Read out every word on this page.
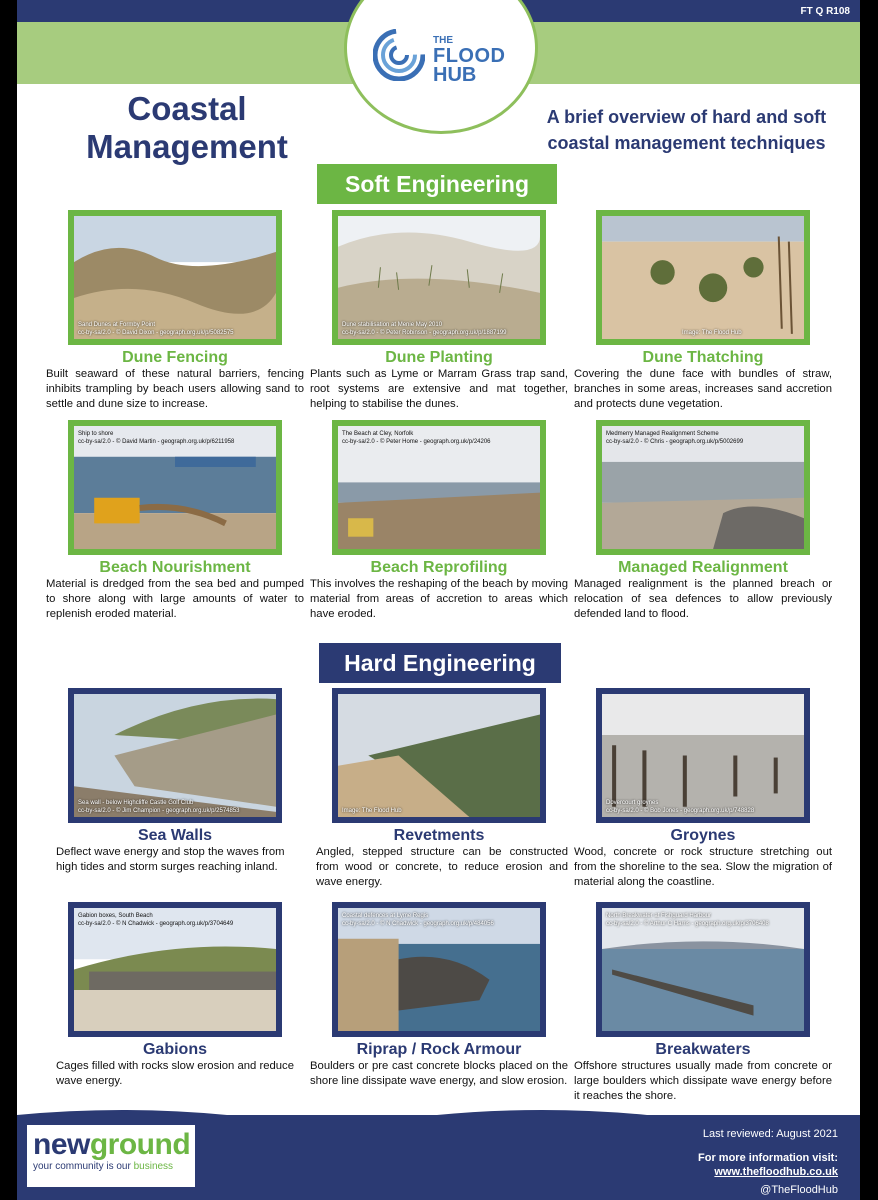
FT Q R108
THE
FLOOD
HUB
Coastal
Management
A brief overview of hard and soft coastal management techniques
Soft Engineering
Sand Dunes at Formby Point
cc-by-sa/2.0 - © David Dixon - geograph.org.uk/p/5082575
Dune Fencing
Built seaward of these natural barriers, fencing inhibits trampling by beach users allowing sand to settle and dune size to increase.
Dune stabilisation at Menie May 2010
cc-by-sa/2.0 - © Peter Robinson - geograph.org.uk/p/1887199
Dune Planting
Plants such as Lyme or Marram Grass trap sand, root systems are extensive and mat together, helping to stabilise the dunes.
Image: The Flood Hub
Dune Thatching
Covering the dune face with bundles of straw, branches in some areas, increases sand accretion and protects dune vegetation.
Ship to shore
cc-by-sa/2.0 - © David Martin - geograph.org.uk/p/6211958
Beach Nourishment
Material is dredged from the sea bed and pumped to shore along with large amounts of water to replenish eroded material.
The Beach at Cley, Norfolk
cc-by-sa/2.0 - © Peter Home - geograph.org.uk/p/24206
Beach Reprofiling
This involves the reshaping of the beach by moving material from areas of accretion to areas which have eroded.
Medmerry Managed Realignment Scheme
cc-by-sa/2.0 - © Chris - geograph.org.uk/p/5002699
Managed Realignment
Managed realignment is the planned breach or relocation of sea defences to allow previously defended land to flood.
Hard Engineering
Sea wall - below Highcliffe Castle Golf Club
cc-by-sa/2.0 - © Jim Champion - geograph.org.uk/p/2574853
Sea Walls
Deflect wave energy and stop the waves from high tides and storm surges reaching inland.
Image: The Flood Hub
Revetments
Angled, stepped structure can be constructed from wood or concrete, to reduce erosion and wave energy.
Dovercourt groynes
cc-by-sa/2.0 - © Bob Jones - geograph.org.uk/p/748828
Groynes
Wood, concrete or rock structure stretching out from the shoreline to the sea. Slow the migration of material along the coastline.
Gabion boxes, South Beach
cc-by-sa/2.0 - © N Chadwick - geograph.org.uk/p/3704649
Gabions
Cages filled with rocks slow erosion and reduce wave energy.
Coastal defences at Lyme Regis
cc-by-sa/2.0 - © N Chadwick - geograph.org.uk/p/484056
Riprap / Rock Armour
Boulders or pre cast concrete blocks placed on the shore line dissipate wave energy, and slow erosion.
North Breakwater at Fishguard Harbour
cc-by-sa/2.0 - © Arthur C Harris - geograph.org.uk/p/3706408
Breakwaters
Offshore structures usually made from concrete or large boulders which dissipate wave energy before it reaches the shore.
newground
your community is our business
Last reviewed: August 2021
For more information visit:
www.thefloodhub.co.uk
@TheFloodHub
